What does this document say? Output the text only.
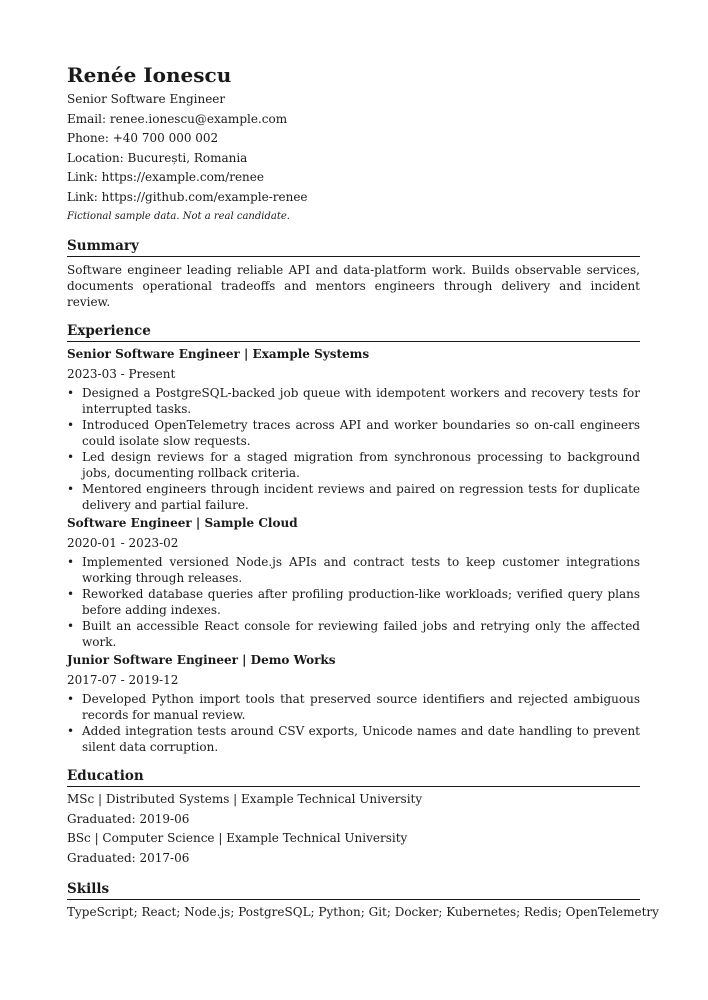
Renée Ionescu

Senior Software Engineer

Email: renee.ionescu@example.com

Phone: +40 700 000 002

Location: București, Romania

Link: https://example.com/renee

Link: https://github.com/example-renee

Fictional sample data. Not a real candidate.

Summary

Software engineer leading reliable API and data-platform work. Builds observable services, documents operational tradeoffs and mentors engineers through delivery and incident review.

Experience

Senior Software Engineer | Example Systems

2023-03 - Present

• Designed a PostgreSQL-backed job queue with idempotent workers and recovery tests for interrupted tasks.
• Introduced OpenTelemetry traces across API and worker boundaries so on-call engineers could isolate slow requests.
• Led design reviews for a staged migration from synchronous processing to background jobs, documenting rollback criteria.
• Mentored engineers through incident reviews and paired on regression tests for duplicate delivery and partial failure.

Software Engineer | Sample Cloud

2020-01 - 2023-02

• Implemented versioned Node.js APIs and contract tests to keep customer integrations working through releases.
• Reworked database queries after profiling production-like workloads; verified query plans before adding indexes.
• Built an accessible React console for reviewing failed jobs and retrying only the affected work.

Junior Software Engineer | Demo Works

2017-07 - 2019-12

• Developed Python import tools that preserved source identifiers and rejected ambiguous records for manual review.
• Added integration tests around CSV exports, Unicode names and date handling to prevent silent data corruption.
Education

MSc | Distributed Systems | Example Technical University

Graduated: 2019-06

BSc | Computer Science | Example Technical University

Graduated: 2017-06

Skills

TypeScript; React; Node.js; PostgreSQL; Python; Git; Docker; Kubernetes; Redis; OpenTelemetry
